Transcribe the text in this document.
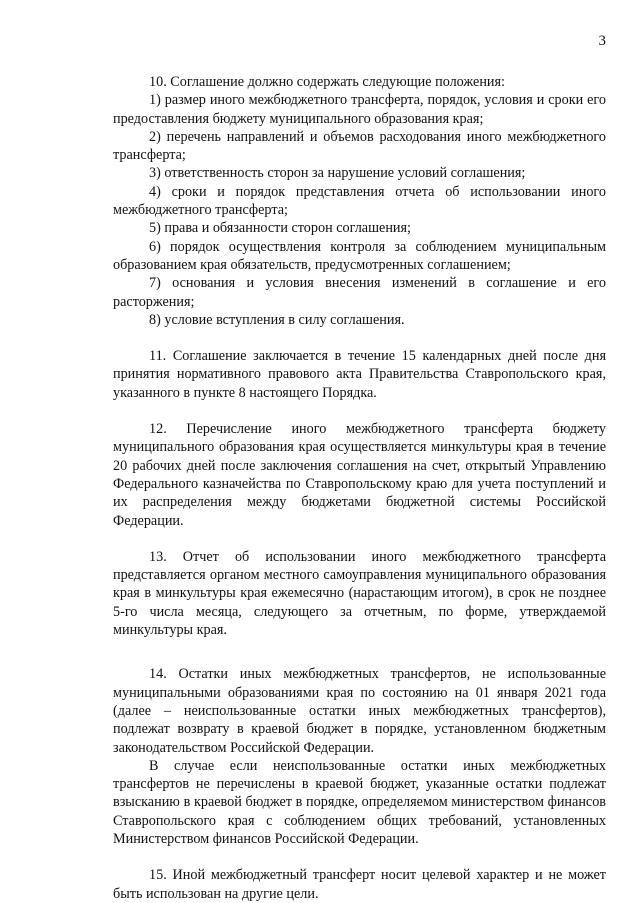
3

10. Соглашение должно содержать следующие положения:

1) размер иного межбюджетного трансферта, порядок, условия и сроки его предоставления бюджету муниципального образования края;

2) перечень направлений и объемов расходования иного межбюджетного трансферта;

3) ответственность сторон за нарушение условий соглашения;

4) сроки и порядок представления отчета об использовании иного межбюджетного трансферта;

5) права и обязанности сторон соглашения;

6) порядок осуществления контроля за соблюдением муниципальным образованием края обязательств, предусмотренных соглашением;

7) основания и условия внесения изменений в соглашение и его расторжения;

8) условие вступления в силу соглашения.

11. Соглашение заключается в течение 15 календарных дней после дня принятия нормативного правового акта Правительства Ставропольского края, указанного в пункте 8 настоящего Порядка.

12. Перечисление иного межбюджетного трансферта бюджету муниципального образования края осуществляется минкультуры края в течение 20 рабочих дней после заключения соглашения на счет, открытый Управлению Федерального казначейства по Ставропольскому краю для учета поступлений и их распределения между бюджетами бюджетной системы Российской Федерации.

13. Отчет об использовании иного межбюджетного трансферта представляется органом местного самоуправления муниципального образования края в минкультуры края ежемесячно (нарастающим итогом), в срок не позднее 5-го числа месяца, следующего за отчетным, по форме, утверждаемой минкультуры края.

14. Остатки иных межбюджетных трансфертов, не использованные муниципальными образованиями края по состоянию на 01 января 2021 года (далее – неиспользованные остатки иных межбюджетных трансфертов), подлежат возврату в краевой бюджет в порядке, установленном бюджетным законодательством Российской Федерации.

В случае если неиспользованные остатки иных межбюджетных трансфертов не перечислены в краевой бюджет, указанные остатки подлежат взысканию в краевой бюджет в порядке, определяемом министерством финансов Ставропольского края с соблюдением общих требований, установленных Министерством финансов Российской Федерации.

15. Иной межбюджетный трансферт носит целевой характер и не может быть использован на другие цели.
